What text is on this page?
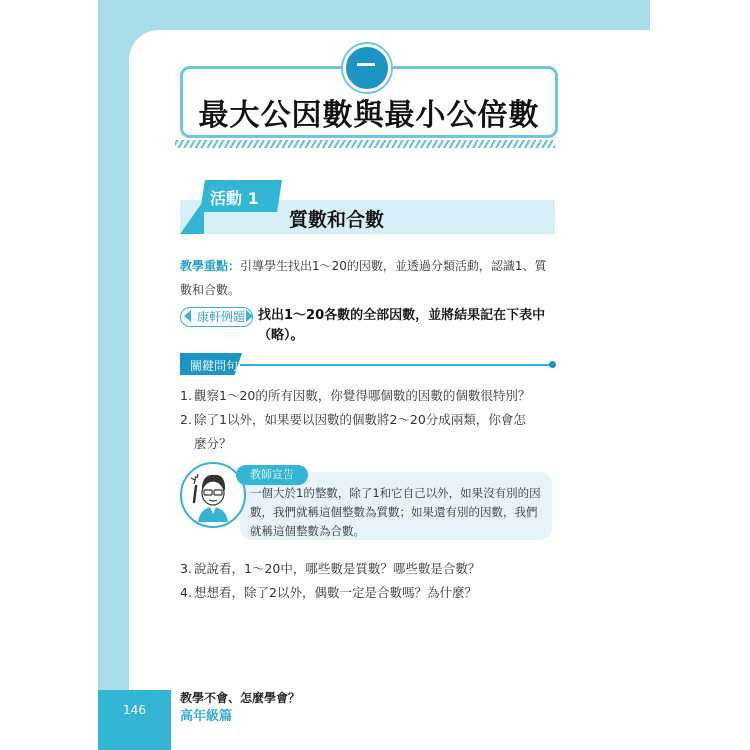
最大公因數與最小公倍數
活動 1
質數和合數
教學重點：引導學生找出1～20的因數，並透過分類活動，認識1、質數和合數。
康軒例題 找出1～20各數的全部因數，並將結果記在下表中（略）。
關鍵問句
1. 觀察1～20的所有因數，你覺得哪個數的因數的個數很特別？
2. 除了1以外，如果要以因數的個數將2～20分成兩類，你會怎
麼分？
教師宣告
一個大於1的整數，除了1和它自己以外，如果沒有別的因數，我們就稱這個整數為質數；如果還有別的因數，我們就稱這個整數為合數。
3. 說說看，1～20中，哪些數是質數？哪些數是合數？
4. 想想看，除了2以外，偶數一定是合數嗎？為什麼？
146
教學不會、怎麼學會？
高年級篇
